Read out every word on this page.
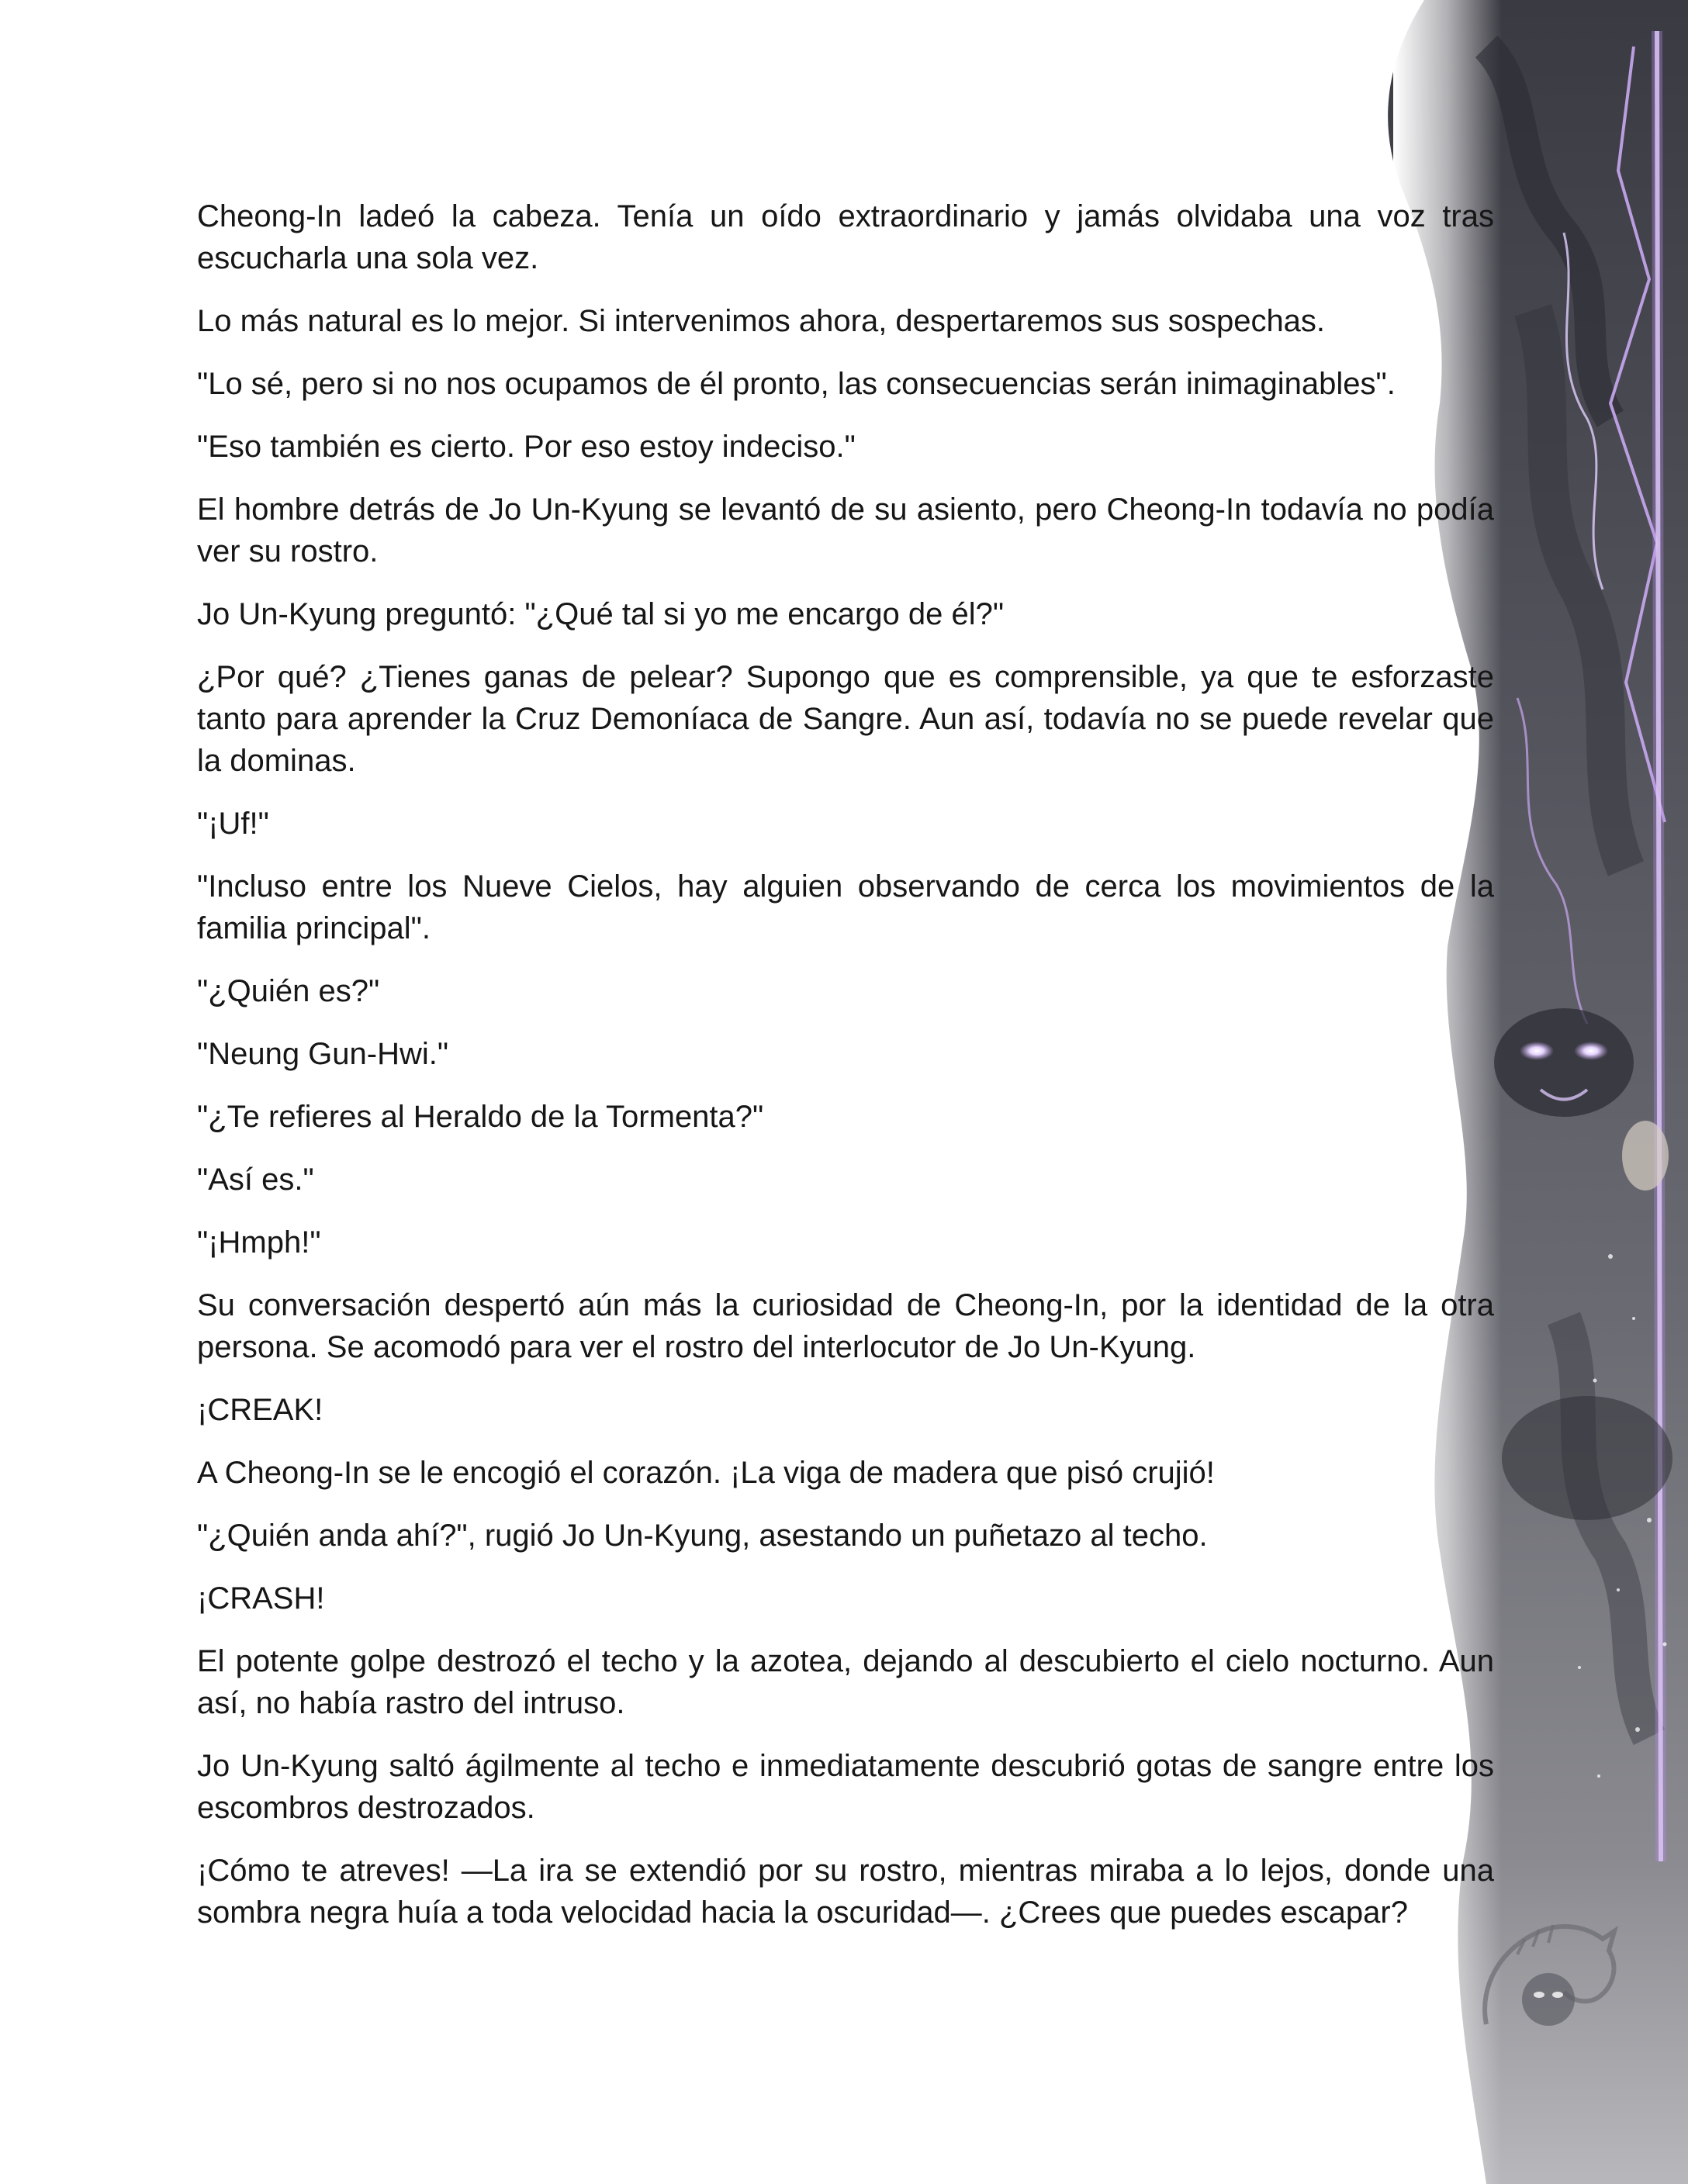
Cheong-In ladeó la cabeza. Tenía un oído extraordinario y jamás olvidaba una voz tras escucharla una sola vez.

Lo más natural es lo mejor. Si intervenimos ahora, despertaremos sus sospechas.

"Lo sé, pero si no nos ocupamos de él pronto, las consecuencias serán inimaginables".

"Eso también es cierto. Por eso estoy indeciso."

El hombre detrás de Jo Un-Kyung se levantó de su asiento, pero Cheong-In todavía no podía ver su rostro.

Jo Un-Kyung preguntó: "¿Qué tal si yo me encargo de él?"

¿Por qué? ¿Tienes ganas de pelear? Supongo que es comprensible, ya que te esforzaste tanto para aprender la Cruz Demoníaca de Sangre. Aun así, todavía no se puede revelar que la dominas.

"¡Uf!"

"Incluso entre los Nueve Cielos, hay alguien observando de cerca los movimientos de la familia principal".

"¿Quién es?"

"Neung Gun-Hwi."

"¿Te refieres al Heraldo de la Tormenta?"

"Así es."

"¡Hmph!"

Su conversación despertó aún más la curiosidad de Cheong-In, por la identidad de la otra persona. Se acomodó para ver el rostro del interlocutor de Jo Un-Kyung.

¡CREAK!

A Cheong-In se le encogió el corazón. ¡La viga de madera que pisó crujió!

"¿Quién anda ahí?", rugió Jo Un-Kyung, asestando un puñetazo al techo.

¡CRASH!

El potente golpe destrozó el techo y la azotea, dejando al descubierto el cielo nocturno. Aun así, no había rastro del intruso.

Jo Un-Kyung saltó ágilmente al techo e inmediatamente descubrió gotas de sangre entre los escombros destrozados.

¡Cómo te atreves! —La ira se extendió por su rostro, mientras miraba a lo lejos, donde una sombra negra huía a toda velocidad hacia la oscuridad—. ¿Crees que puedes escapar?
